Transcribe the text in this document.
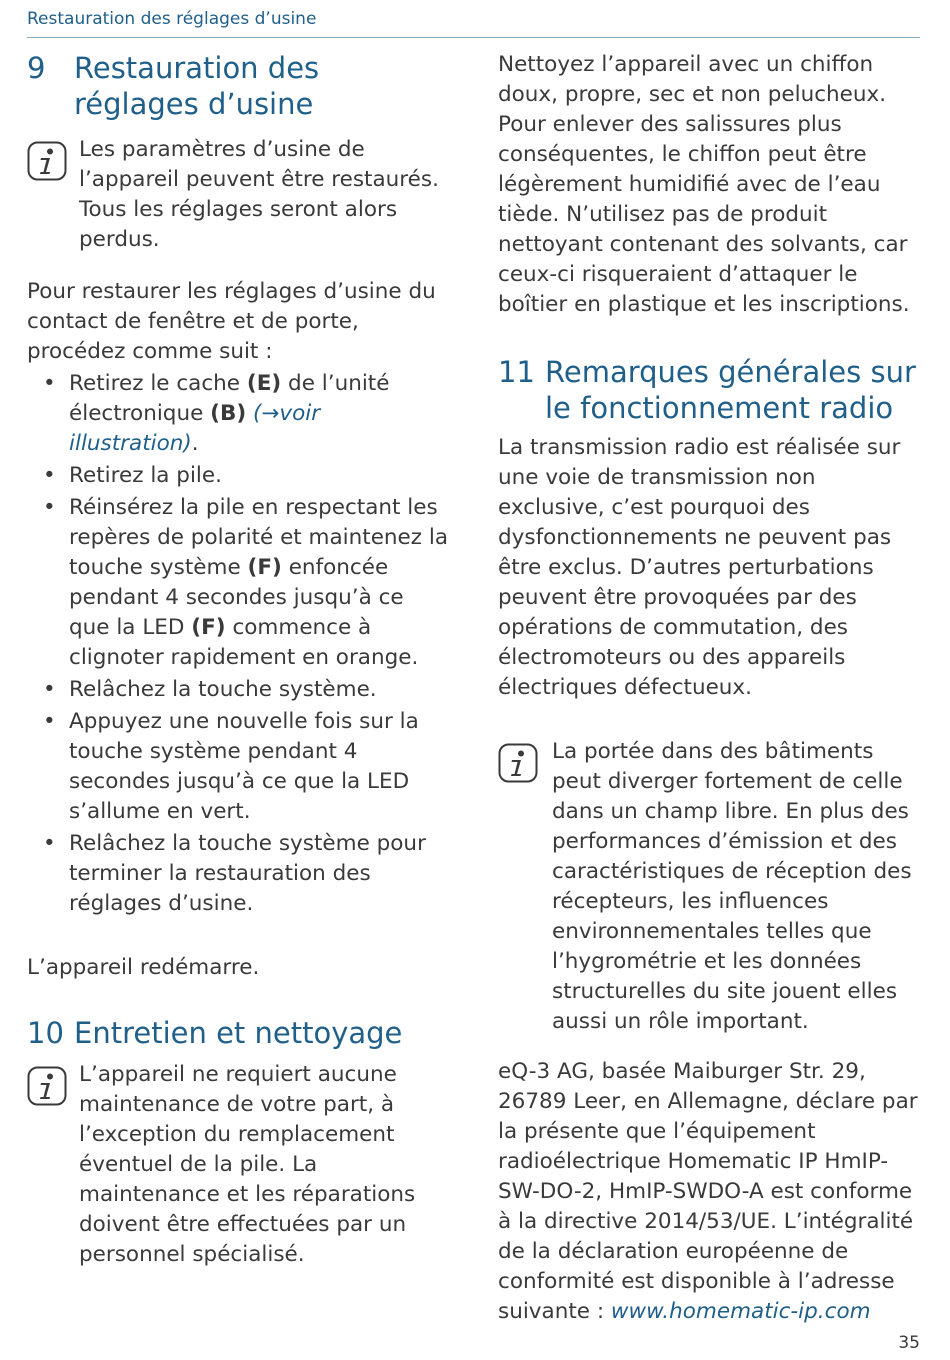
Restauration des réglages d’usine
9 Restauration des réglages d’usine

Les paramètres d’usine de l’appareil peuvent être restaurés. Tous les réglages seront alors perdus.

Pour restaurer les réglages d’usine du contact de fenêtre et de porte, procédez comme suit :

• Retirez le cache (E) de l’unité électronique (B) (→voir illustration).
• Retirez la pile.
• Réinsérez la pile en respectant les repères de polarité et maintenez la touche système (F) enfoncée pendant 4 secondes jusqu’à ce que la LED (F) commence à clignoter rapidement en orange.
• Relâchez la touche système.
• Appuyez une nouvelle fois sur la touche système pendant 4 secondes jusqu’à ce que la LED s’allume en vert.
• Relâchez la touche système pour terminer la restauration des réglages d’usine.

L’appareil redémarre.

10 Entretien et nettoyage

L’appareil ne requiert aucune maintenance de votre part, à l’exception du remplacement éventuel de la pile. La maintenance et les réparations doivent être effectuées par un personnel spécialisé.

Nettoyez l’appareil avec un chiffon doux, propre, sec et non pelucheux. Pour enlever des salissures plus conséquentes, le chiffon peut être légèrement humidifié avec de l’eau tiède. N’utilisez pas de produit nettoyant contenant des solvants, car ceux-ci risqueraient d’attaquer le boîtier en plastique et les inscriptions.

11 Remarques générales sur le fonctionnement radio

La transmission radio est réalisée sur une voie de transmission non exclusive, c’est pourquoi des dysfonctionnements ne peuvent pas être exclus. D’autres perturbations peuvent être provoquées par des opérations de commutation, des électromoteurs ou des appareils électriques défectueux.

La portée dans des bâtiments peut diverger fortement de celle dans un champ libre. En plus des performances d’émission et des caractéristiques de réception des récepteurs, les influences environnementales telles que l’hygrométrie et les données structurelles du site jouent elles aussi un rôle important.

eQ-3 AG, basée Maiburger Str. 29, 26789 Leer, en Allemagne, déclare par la présente que l’équipement radioélectrique Homematic IP HmIP-SW-DO-2, HmIP-SWDO-A est conforme à la directive 2014/53/UE. L’intégralité de la déclaration européenne de conformité est disponible à l’adresse suivante : www.homematic-ip.com

35
